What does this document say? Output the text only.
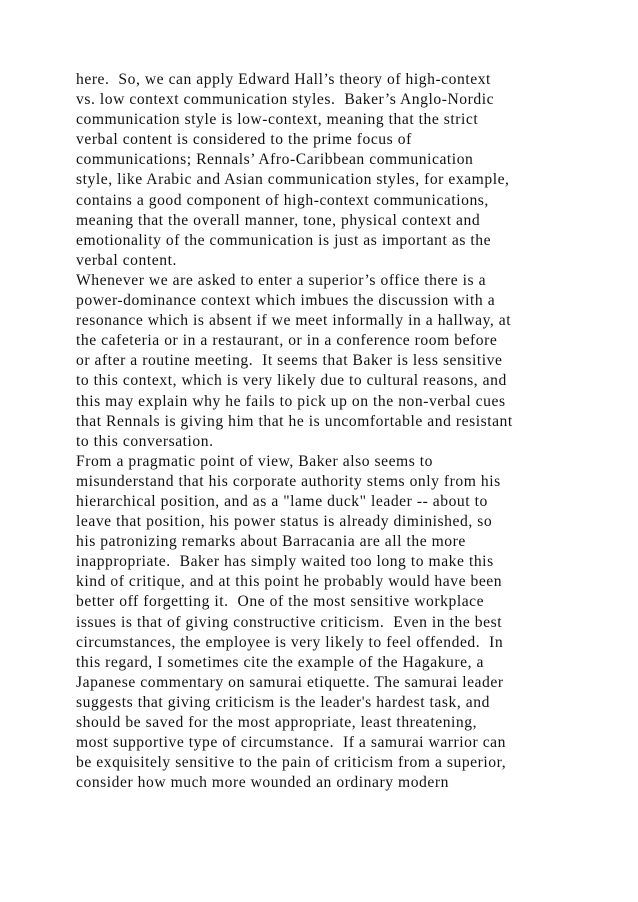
here.  So, we can apply Edward Hall’s theory of high-context
vs. low context communication styles.  Baker’s Anglo-Nordic
communication style is low-context, meaning that the strict
verbal content is considered to the prime focus of
communications; Rennals’ Afro-Caribbean communication
style, like Arabic and Asian communication styles, for example,
contains a good component of high-context communications,
meaning that the overall manner, tone, physical context and
emotionality of the communication is just as important as the
verbal content.
Whenever we are asked to enter a superior’s office there is a
power-dominance context which imbues the discussion with a
resonance which is absent if we meet informally in a hallway, at
the cafeteria or in a restaurant, or in a conference room before
or after a routine meeting.  It seems that Baker is less sensitive
to this context, which is very likely due to cultural reasons, and
this may explain why he fails to pick up on the non-verbal cues
that Rennals is giving him that he is uncomfortable and resistant
to this conversation.
From a pragmatic point of view, Baker also seems to
misunderstand that his corporate authority stems only from his
hierarchical position, and as a "lame duck" leader -- about to
leave that position, his power status is already diminished, so
his patronizing remarks about Barracania are all the more
inappropriate.  Baker has simply waited too long to make this
kind of critique, and at this point he probably would have been
better off forgetting it.  One of the most sensitive workplace
issues is that of giving constructive criticism.  Even in the best
circumstances, the employee is very likely to feel offended.  In
this regard, I sometimes cite the example of the Hagakure, a
Japanese commentary on samurai etiquette. The samurai leader
suggests that giving criticism is the leader's hardest task, and
should be saved for the most appropriate, least threatening,
most supportive type of circumstance.  If a samurai warrior can
be exquisitely sensitive to the pain of criticism from a superior,
consider how much more wounded an ordinary modern
